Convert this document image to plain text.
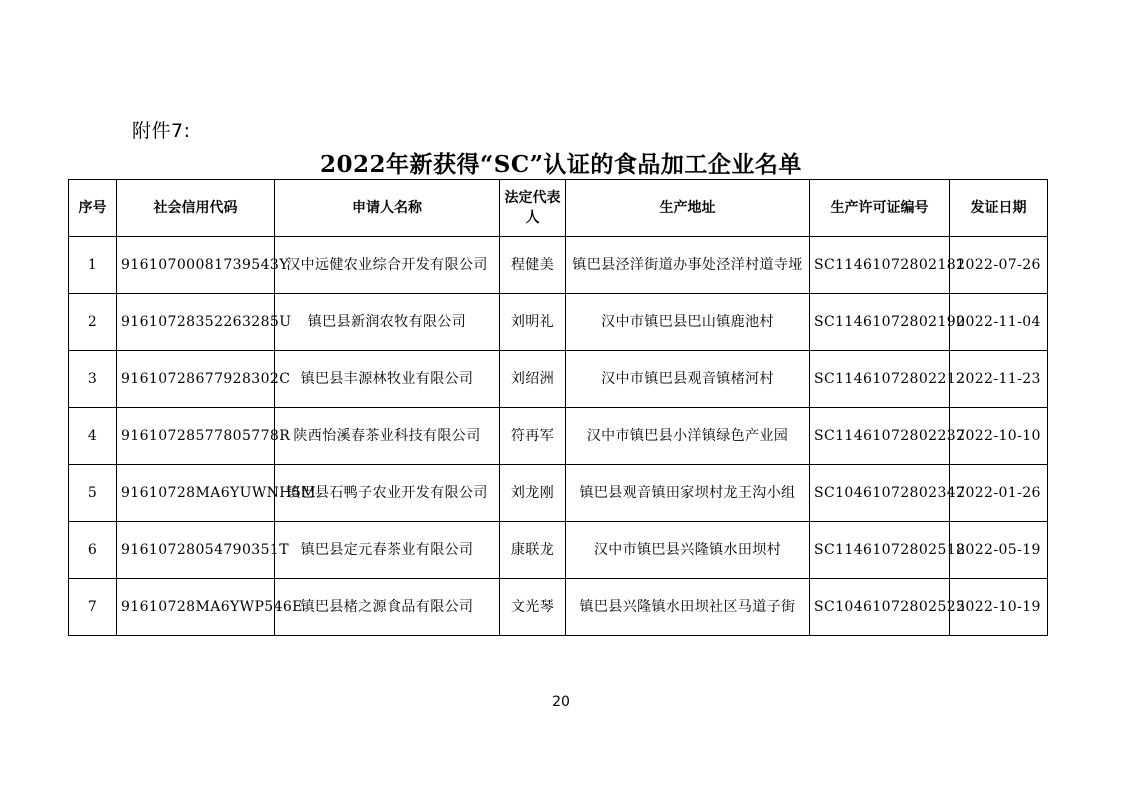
附件7:
2022年新获得“SC”认证的食品加工企业名单
序号	社会信用代码	申请人名称	法定代表人	生产地址	生产许可证编号	发证日期
1	91610700081739543Y	汉中远健农业综合开发有限公司	程健美	镇巴县泾洋街道办事处泾洋村道寺垭	SC11461072802181	2022-07-26
2	91610728352263285U	镇巴县新润农牧有限公司	刘明礼	汉中市镇巴县巴山镇鹿池村	SC11461072802190	2022-11-04
3	91610728677928302C	镇巴县丰源林牧业有限公司	刘绍洲	汉中市镇巴县观音镇楮河村	SC11461072802212	2022-11-23
4	91610728577805778R	陕西怡溪春茶业科技有限公司	符再军	汉中市镇巴县小洋镇绿色产业园	SC11461072802237	2022-10-10
5	91610728MA6YUWNH5M	镇巴县石鸭子农业开发有限公司	刘龙刚	镇巴县观音镇田家坝村龙王沟小组	SC10461072802347	2022-01-26
6	91610728054790351T	镇巴县定元春茶业有限公司	康联龙	汉中市镇巴县兴隆镇水田坝村	SC11461072802518	2022-05-19
7	91610728MA6YWP546E	镇巴县楮之源食品有限公司	文光琴	镇巴县兴隆镇水田坝社区马道子街	SC10461072802525	2022-10-19
20
